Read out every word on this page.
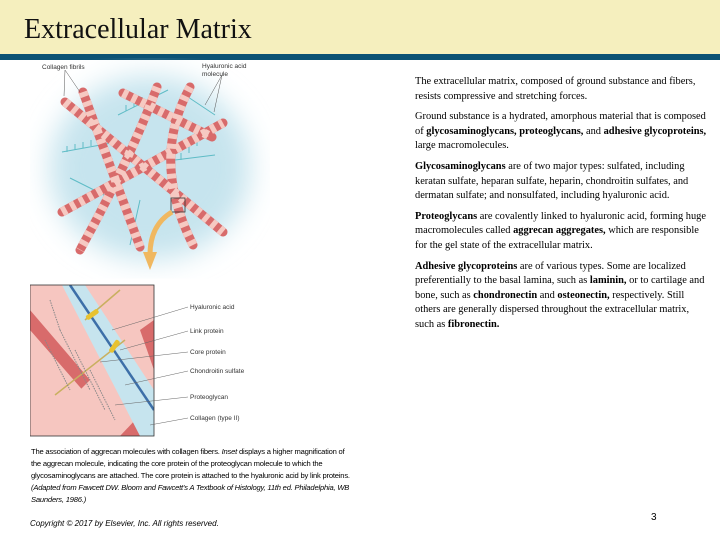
Extracellular Matrix
Collagen fibrils	Hyaluronic acid
molecule
Hyaluronic acid
Link protein
Core protein
Chondroitin sulfate
Proteoglycan
Collagen (type II)

The extracellular matrix, composed of ground substance and fibers, resists compressive and stretching forces.

Ground substance is a hydrated, amorphous material that is composed of glycosaminoglycans, proteoglycans, and adhesive glycoproteins, large macromolecules.

Glycosaminoglycans are of two major types: sulfated, including keratan sulfate, heparan sulfate, heparin, chondroitin sulfates, and dermatan sulfate; and nonsulfated, including hyaluronic acid.

Proteoglycans are covalently linked to hyaluronic acid, forming huge macromolecules called aggrecan aggregates, which are responsible for the gel state of the extracellular matrix.

Adhesive glycoproteins are of various types. Some are localized preferentially to the basal lamina, such as laminin, or to cartilage and bone, such as chondronectin and osteonectin, respectively. Still others are generally dispersed throughout the extracellular matrix, such as fibronectin.

The association of aggrecan molecules with collagen fibers. Inset displays a higher magnification of the aggrecan molecule, indicating the core protein of the proteoglycan molecule to which the glycosaminoglycans are attached. The core protein is attached to the hyaluronic acid by link proteins. (Adapted from Fawcett DW. Bloom and Fawcett’s A Textbook of Histology, 11th ed. Philadelphia, WB Saunders, 1986.)
Copyright © 2017 by Elsevier, Inc. All rights reserved.
3
